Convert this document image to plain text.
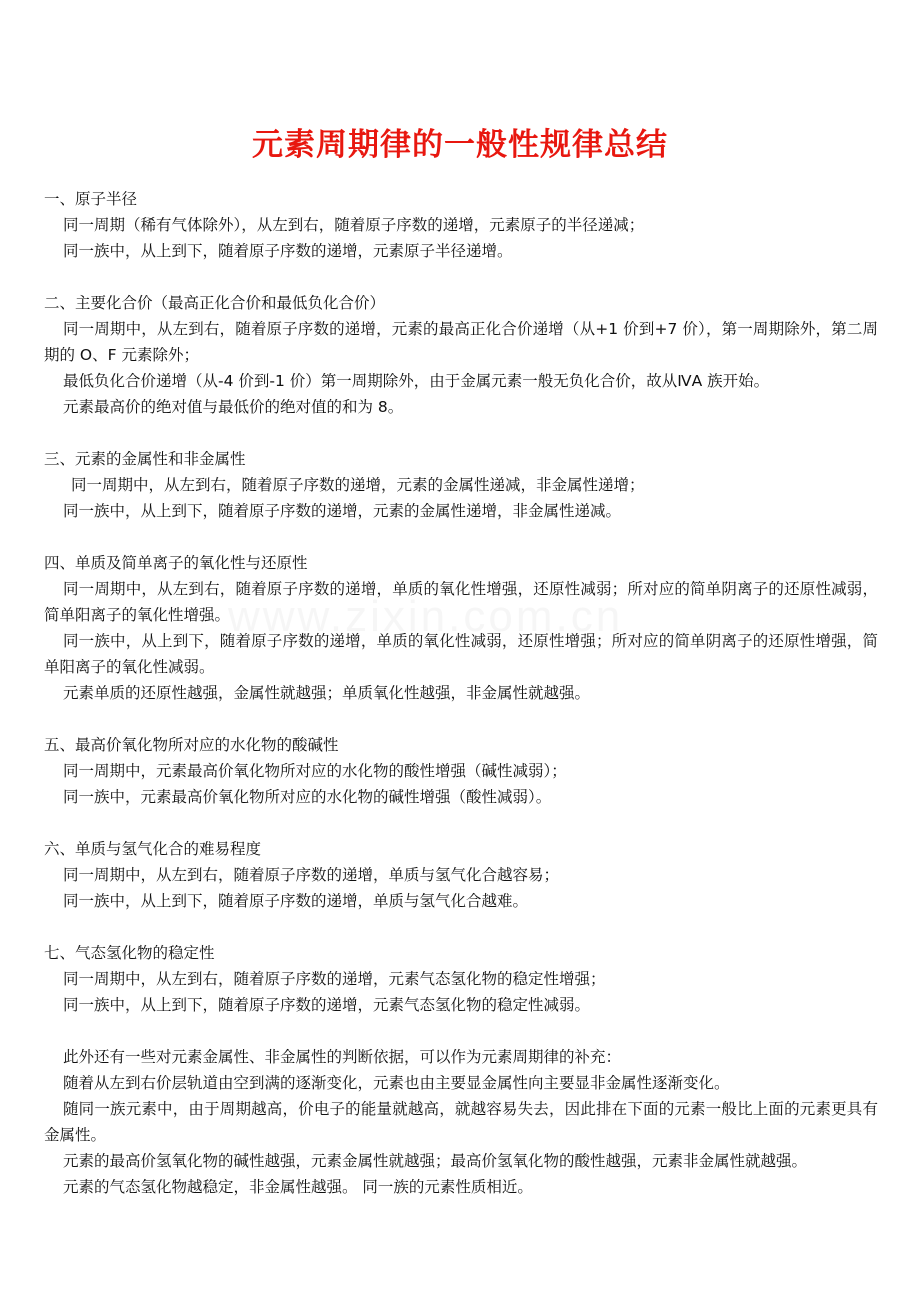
www.zixin.com.cn
元素周期律的一般性规律总结

一、原子半径

同一周期（稀有气体除外），从左到右，随着原子序数的递增，元素原子的半径递减；

同一族中，从上到下，随着原子序数的递增，元素原子半径递增。

二、主要化合价（最高正化合价和最低负化合价）

同一周期中，从左到右，随着原子序数的递增，元素的最高正化合价递增（从+1 价到+7 价），第一周期除外，第二周期的 O、F 元素除外；

最低负化合价递增（从-4 价到-1 价）第一周期除外，由于金属元素一般无负化合价，故从ⅣA 族开始。

元素最高价的绝对值与最低价的绝对值的和为 8。

三、元素的金属性和非金属性

同一周期中，从左到右，随着原子序数的递增，元素的金属性递减，非金属性递增；

同一族中，从上到下，随着原子序数的递增，元素的金属性递增，非金属性递减。

四、单质及简单离子的氧化性与还原性

同一周期中，从左到右，随着原子序数的递增，单质的氧化性增强，还原性减弱；所对应的简单阴离子的还原性减弱，简单阳离子的氧化性增强。

同一族中，从上到下，随着原子序数的递增，单质的氧化性减弱，还原性增强；所对应的简单阴离子的还原性增强，简单阳离子的氧化性减弱。

元素单质的还原性越强，金属性就越强；单质氧化性越强，非金属性就越强。

五、最高价氧化物所对应的水化物的酸碱性

同一周期中，元素最高价氧化物所对应的水化物的酸性增强（碱性减弱）；

同一族中，元素最高价氧化物所对应的水化物的碱性增强（酸性减弱）。

六、单质与氢气化合的难易程度

同一周期中，从左到右，随着原子序数的递增，单质与氢气化合越容易；

同一族中，从上到下，随着原子序数的递增，单质与氢气化合越难。

七、气态氢化物的稳定性

同一周期中，从左到右，随着原子序数的递增，元素气态氢化物的稳定性增强；

同一族中，从上到下，随着原子序数的递增，元素气态氢化物的稳定性减弱。

此外还有一些对元素金属性、非金属性的判断依据，可以作为元素周期律的补充：

随着从左到右价层轨道由空到满的逐渐变化，元素也由主要显金属性向主要显非金属性逐渐变化。

随同一族元素中，由于周期越高，价电子的能量就越高，就越容易失去，因此排在下面的元素一般比上面的元素更具有金属性。

元素的最高价氢氧化物的碱性越强，元素金属性就越强；最高价氢氧化物的酸性越强，元素非金属性就越强。

元素的气态氢化物越稳定，非金属性越强。 同一族的元素性质相近。
